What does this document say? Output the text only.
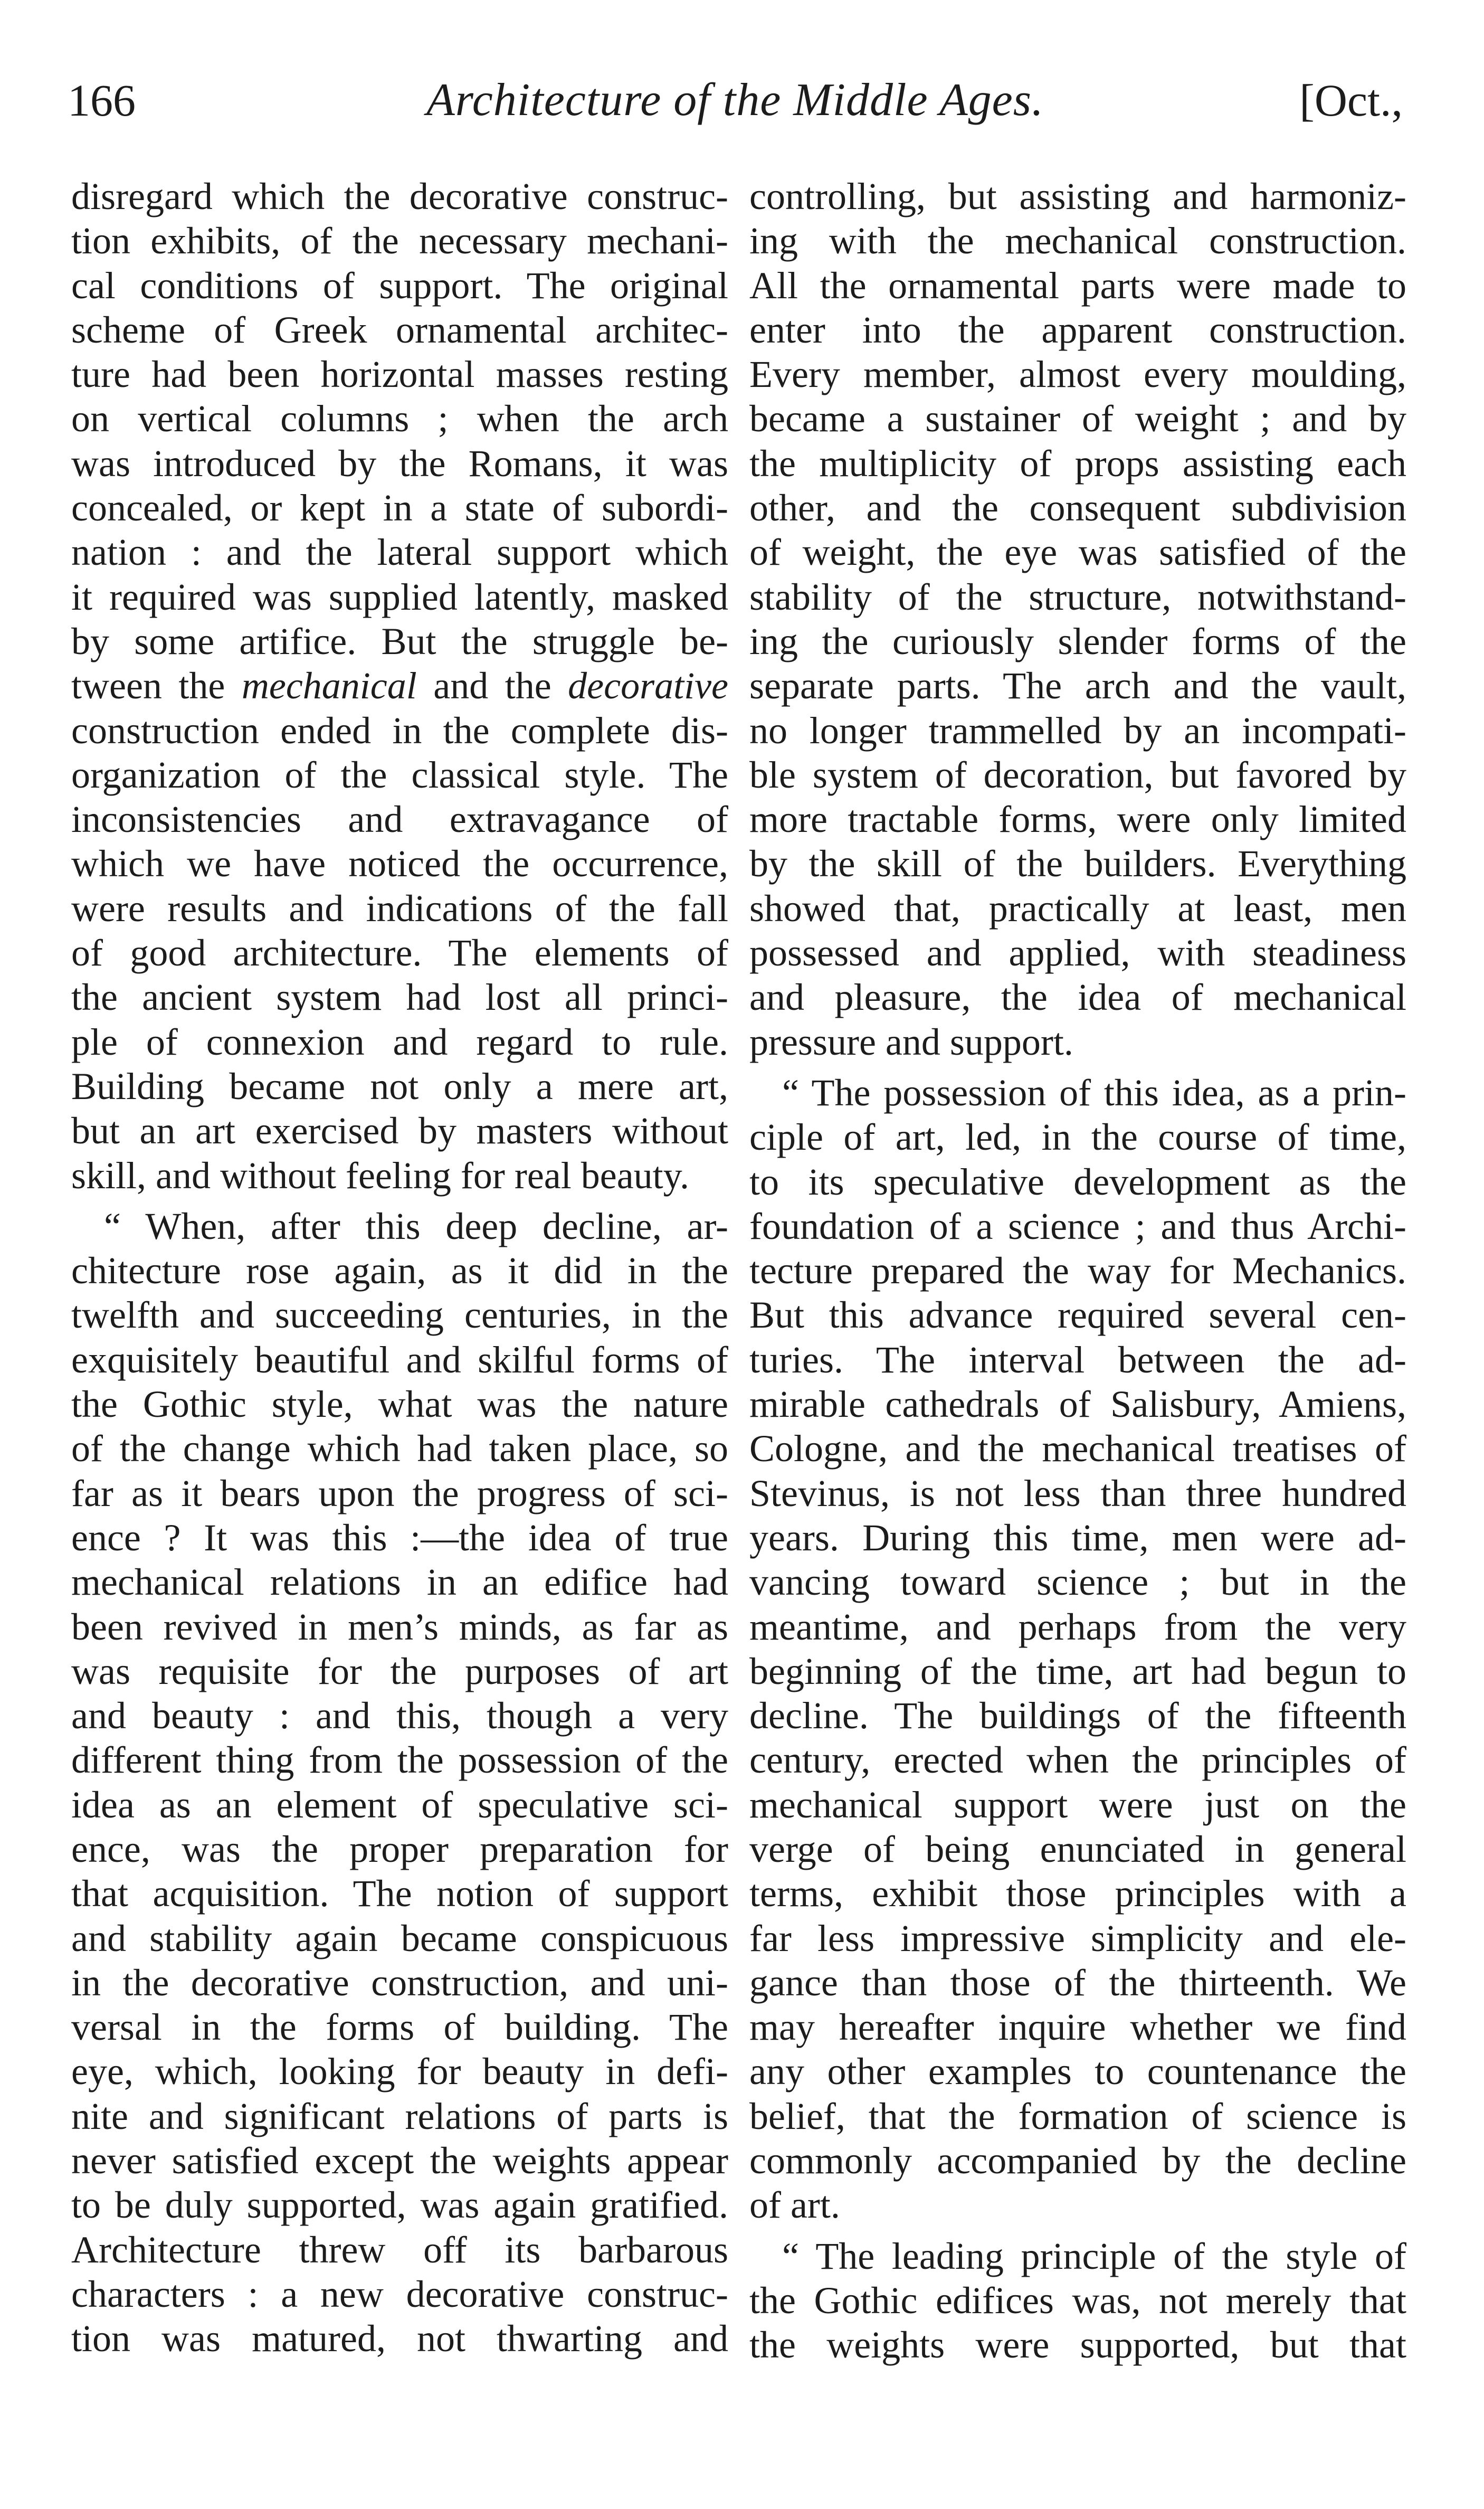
166	Architecture of the Middle Ages.	[Oct.,

disregard which the decorative construc-
tion exhibits, of the necessary mechani-
cal conditions of support. The original
scheme of Greek ornamental architec-
ture had been horizontal masses resting
on vertical columns ; when the arch
was introduced by the Romans, it was
concealed, or kept in a state of subordi-
nation : and the lateral support which
it required was supplied latently, masked
by some artifice. But the struggle be-
tween the mechanical and the decorative
construction ended in the complete dis-
organization of the classical style. The
inconsistencies and extravagance of
which we have noticed the occurrence,
were results and indications of the fall
of good architecture. The elements of
the ancient system had lost all princi-
ple of connexion and regard to rule.
Building became not only a mere art,
but an art exercised by masters without
skill, and without feeling for real beauty.

“ When, after this deep decline, ar-
chitecture rose again, as it did in the
twelfth and succeeding centuries, in the
exquisitely beautiful and skilful forms of
the Gothic style, what was the nature
of the change which had taken place, so
far as it bears upon the progress of sci-
ence ? It was this :—the idea of true
mechanical relations in an edifice had
been revived in men’s minds, as far as
was requisite for the purposes of art
and beauty : and this, though a very
different thing from the possession of the
idea as an element of speculative sci-
ence, was the proper preparation for
that acquisition. The notion of support
and stability again became conspicuous
in the decorative construction, and uni-
versal in the forms of building. The
eye, which, looking for beauty in defi-
nite and significant relations of parts is
never satisfied except the weights appear
to be duly supported, was again gratified.
Architecture threw off its barbarous
characters : a new decorative construc-
tion was matured, not thwarting and

controlling, but assisting and harmoniz-
ing with the mechanical construction.
All the ornamental parts were made to
enter into the apparent construction.
Every member, almost every moulding,
became a sustainer of weight ; and by
the multiplicity of props assisting each
other, and the consequent subdivision
of weight, the eye was satisfied of the
stability of the structure, notwithstand-
ing the curiously slender forms of the
separate parts. The arch and the vault,
no longer trammelled by an incompati-
ble system of decoration, but favored by
more tractable forms, were only limited
by the skill of the builders. Everything
showed that, practically at least, men
possessed and applied, with steadiness
and pleasure, the idea of mechanical
pressure and support.

“ The possession of this idea, as a prin-
ciple of art, led, in the course of time,
to its speculative development as the
foundation of a science ; and thus Archi-
tecture prepared the way for Mechanics.
But this advance required several cen-
turies. The interval between the ad-
mirable cathedrals of Salisbury, Amiens,
Cologne, and the mechanical treatises of
Stevinus, is not less than three hundred
years. During this time, men were ad-
vancing toward science ; but in the
meantime, and perhaps from the very
beginning of the time, art had begun to
decline. The buildings of the fifteenth
century, erected when the principles of
mechanical support were just on the
verge of being enunciated in general
terms, exhibit those principles with a
far less impressive simplicity and ele-
gance than those of the thirteenth. We
may hereafter inquire whether we find
any other examples to countenance the
belief, that the formation of science is
commonly accompanied by the decline
of art.

“ The leading principle of the style of
the Gothic edifices was, not merely that
the weights were supported, but that
